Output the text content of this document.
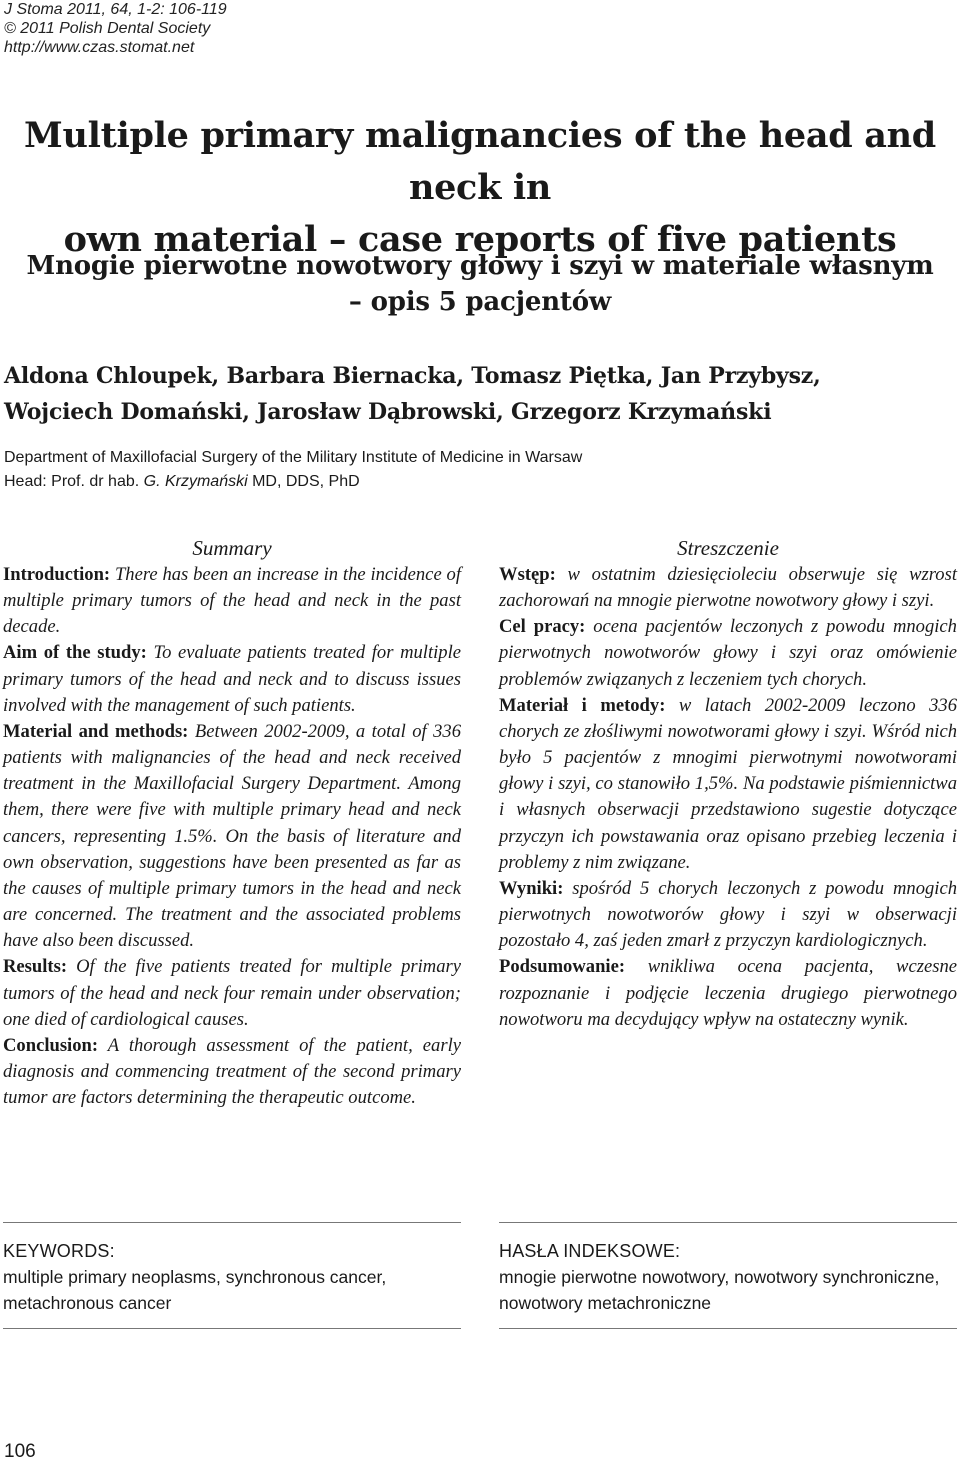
J Stoma 2011, 64, 1-2: 106-119
© 2011 Polish Dental Society
http://www.czas.stomat.net
Multiple primary malignancies of the head and neck in
own material – case reports of five patients
Mnogie pierwotne nowotwory głowy i szyi w materiale własnym
– opis 5 pacjentów
Aldona Chloupek, Barbara Biernacka, Tomasz Piętka, Jan Przybysz,
Wojciech Domański, Jarosław Dąbrowski, Grzegorz Krzymański
Department of Maxillofacial Surgery of the Military Institute of Medicine in Warsaw
Head: Prof. dr hab. G. Krzymański MD, DDS, PhD
Summary

Introduction: There has been an increase in the incidence of multiple primary tumors of the head and neck in the past decade.

Aim of the study: To evaluate patients treated for multiple primary tumors of the head and neck and to discuss issues involved with the management of such patients.

Material and methods: Between 2002-2009, a total of 336 patients with malignancies of the head and neck received treatment in the Maxillofacial Surgery Department. Among them, there were five with multiple primary head and neck cancers, representing 1.5%. On the basis of literature and own observation, suggestions have been presented as far as the causes of multiple primary tumors in the head and neck are concerned. The treatment and the associated problems have also been discussed.

Results: Of the five patients treated for multiple primary tumors of the head and neck four remain under observation; one died of cardiological causes.

Conclusion: A thorough assessment of the patient, early diagnosis and commencing treatment of the second primary tumor are factors determining the therapeutic outcome.

Streszczenie

Wstęp: w ostatnim dziesięcioleciu obserwuje się wzrost zachorowań na mnogie pierwotne nowotwory głowy i szyi.

Cel pracy: ocena pacjentów leczonych z powodu mnogich pierwotnych nowotworów głowy i szyi oraz omówienie problemów związanych z leczeniem tych chorych.

Materiał i metody: w latach 2002-2009 leczono 336 chorych ze złośliwymi nowotworami głowy i szyi. Wśród nich było 5 pacjentów z mnogimi pierwotnymi nowotworami głowy i szyi, co stanowiło 1,5%. Na podstawie piśmiennictwa i własnych obserwacji przedstawiono sugestie dotyczące przyczyn ich powstawania oraz opisano przebieg leczenia i problemy z nim związane.

Wyniki: spośród 5 chorych leczonych z powodu mnogich pierwotnych nowotworów głowy i szyi w obserwacji pozostało 4, zaś jeden zmarł z przyczyn kardiologicznych.

Podsumowanie: wnikliwa ocena pacjenta, wczesne rozpoznanie i podjęcie leczenia drugiego pierwotnego nowotworu ma decydujący wpływ na ostateczny wynik.

KEYWORDS:
multiple primary neoplasms, synchronous cancer, metachronous cancer
HASŁA INDEKSOWE:
mnogie pierwotne nowotwory, nowotwory synchroniczne, nowotwory metachroniczne
106
